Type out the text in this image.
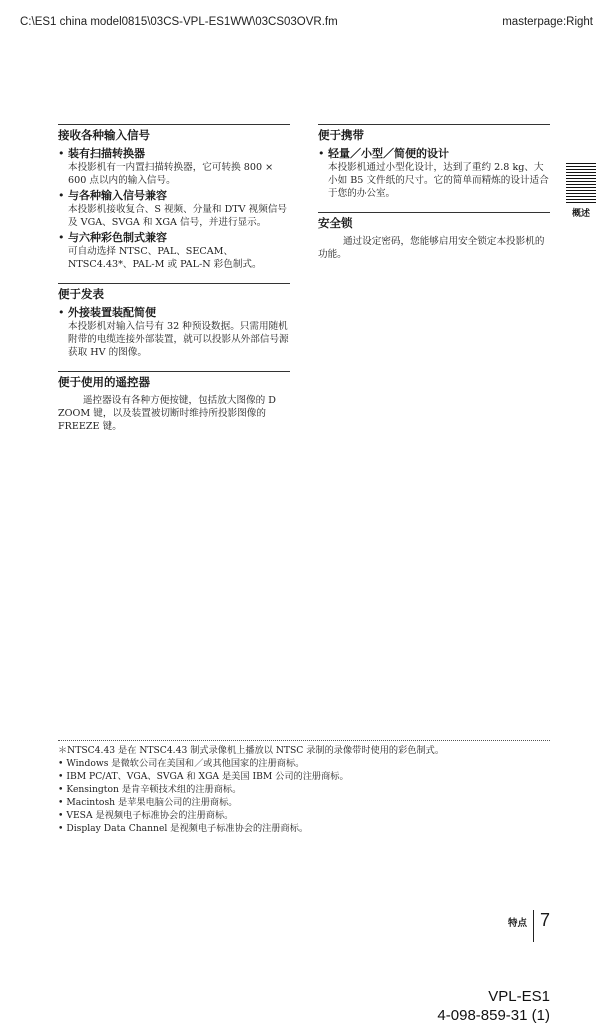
C:\ES1 china model0815\03CS-VPL-ES1WW\03CS03OVR.fm	masterpage:Right
接收各种输入信号
• 装有扫描转换器
本投影机有一内置扫描转换器，它可转换 800 × 600 点以内的输入信号。
• 与各种输入信号兼容
本投影机接收复合、S 视频、分量和 DTV 视频信号及 VGA、SVGA 和 XGA 信号，并进行显示。
• 与六种彩色制式兼容
可自动选择 NTSC、PAL、SECAM、NTSC4.43*、PAL-M 或 PAL-N 彩色制式。
便于发表
• 外接装置装配简便
本投影机对输入信号有 32 种预设数据。只需用随机附带的电缆连接外部装置，就可以投影从外部信号源获取 HV 的图像。
便于使用的遥控器
遥控器设有各种方便按键，包括放大图像的 D ZOOM 键，以及装置被切断时维持所投影图像的 FREEZE 键。
便于携带
• 轻量／小型／简便的设计
本投影机通过小型化设计，达到了重约 2.8 kg、大小如 B5 文件纸的尺寸。它的简单而精炼的设计适合于您的办公室。
安全锁
通过设定密码，您能够启用安全锁定本投影机的功能。
概述
＊NTSC4.43 是在 NTSC4.43 制式录像机上播放以 NTSC 录制的录像带时使用的彩色制式。
• Windows 是微软公司在美国和／或其他国家的注册商标。
• IBM PC/AT、VGA、SVGA 和 XGA 是美国 IBM 公司的注册商标。
• Kensington 是肯辛顿技术组的注册商标。
• Macintosh 是苹果电脑公司的注册商标。
• VESA 是视频电子标准协会的注册商标。
• Display Data Channel 是视频电子标准协会的注册商标。
特点 7
VPL-ES1
4-098-859-31 (1)
